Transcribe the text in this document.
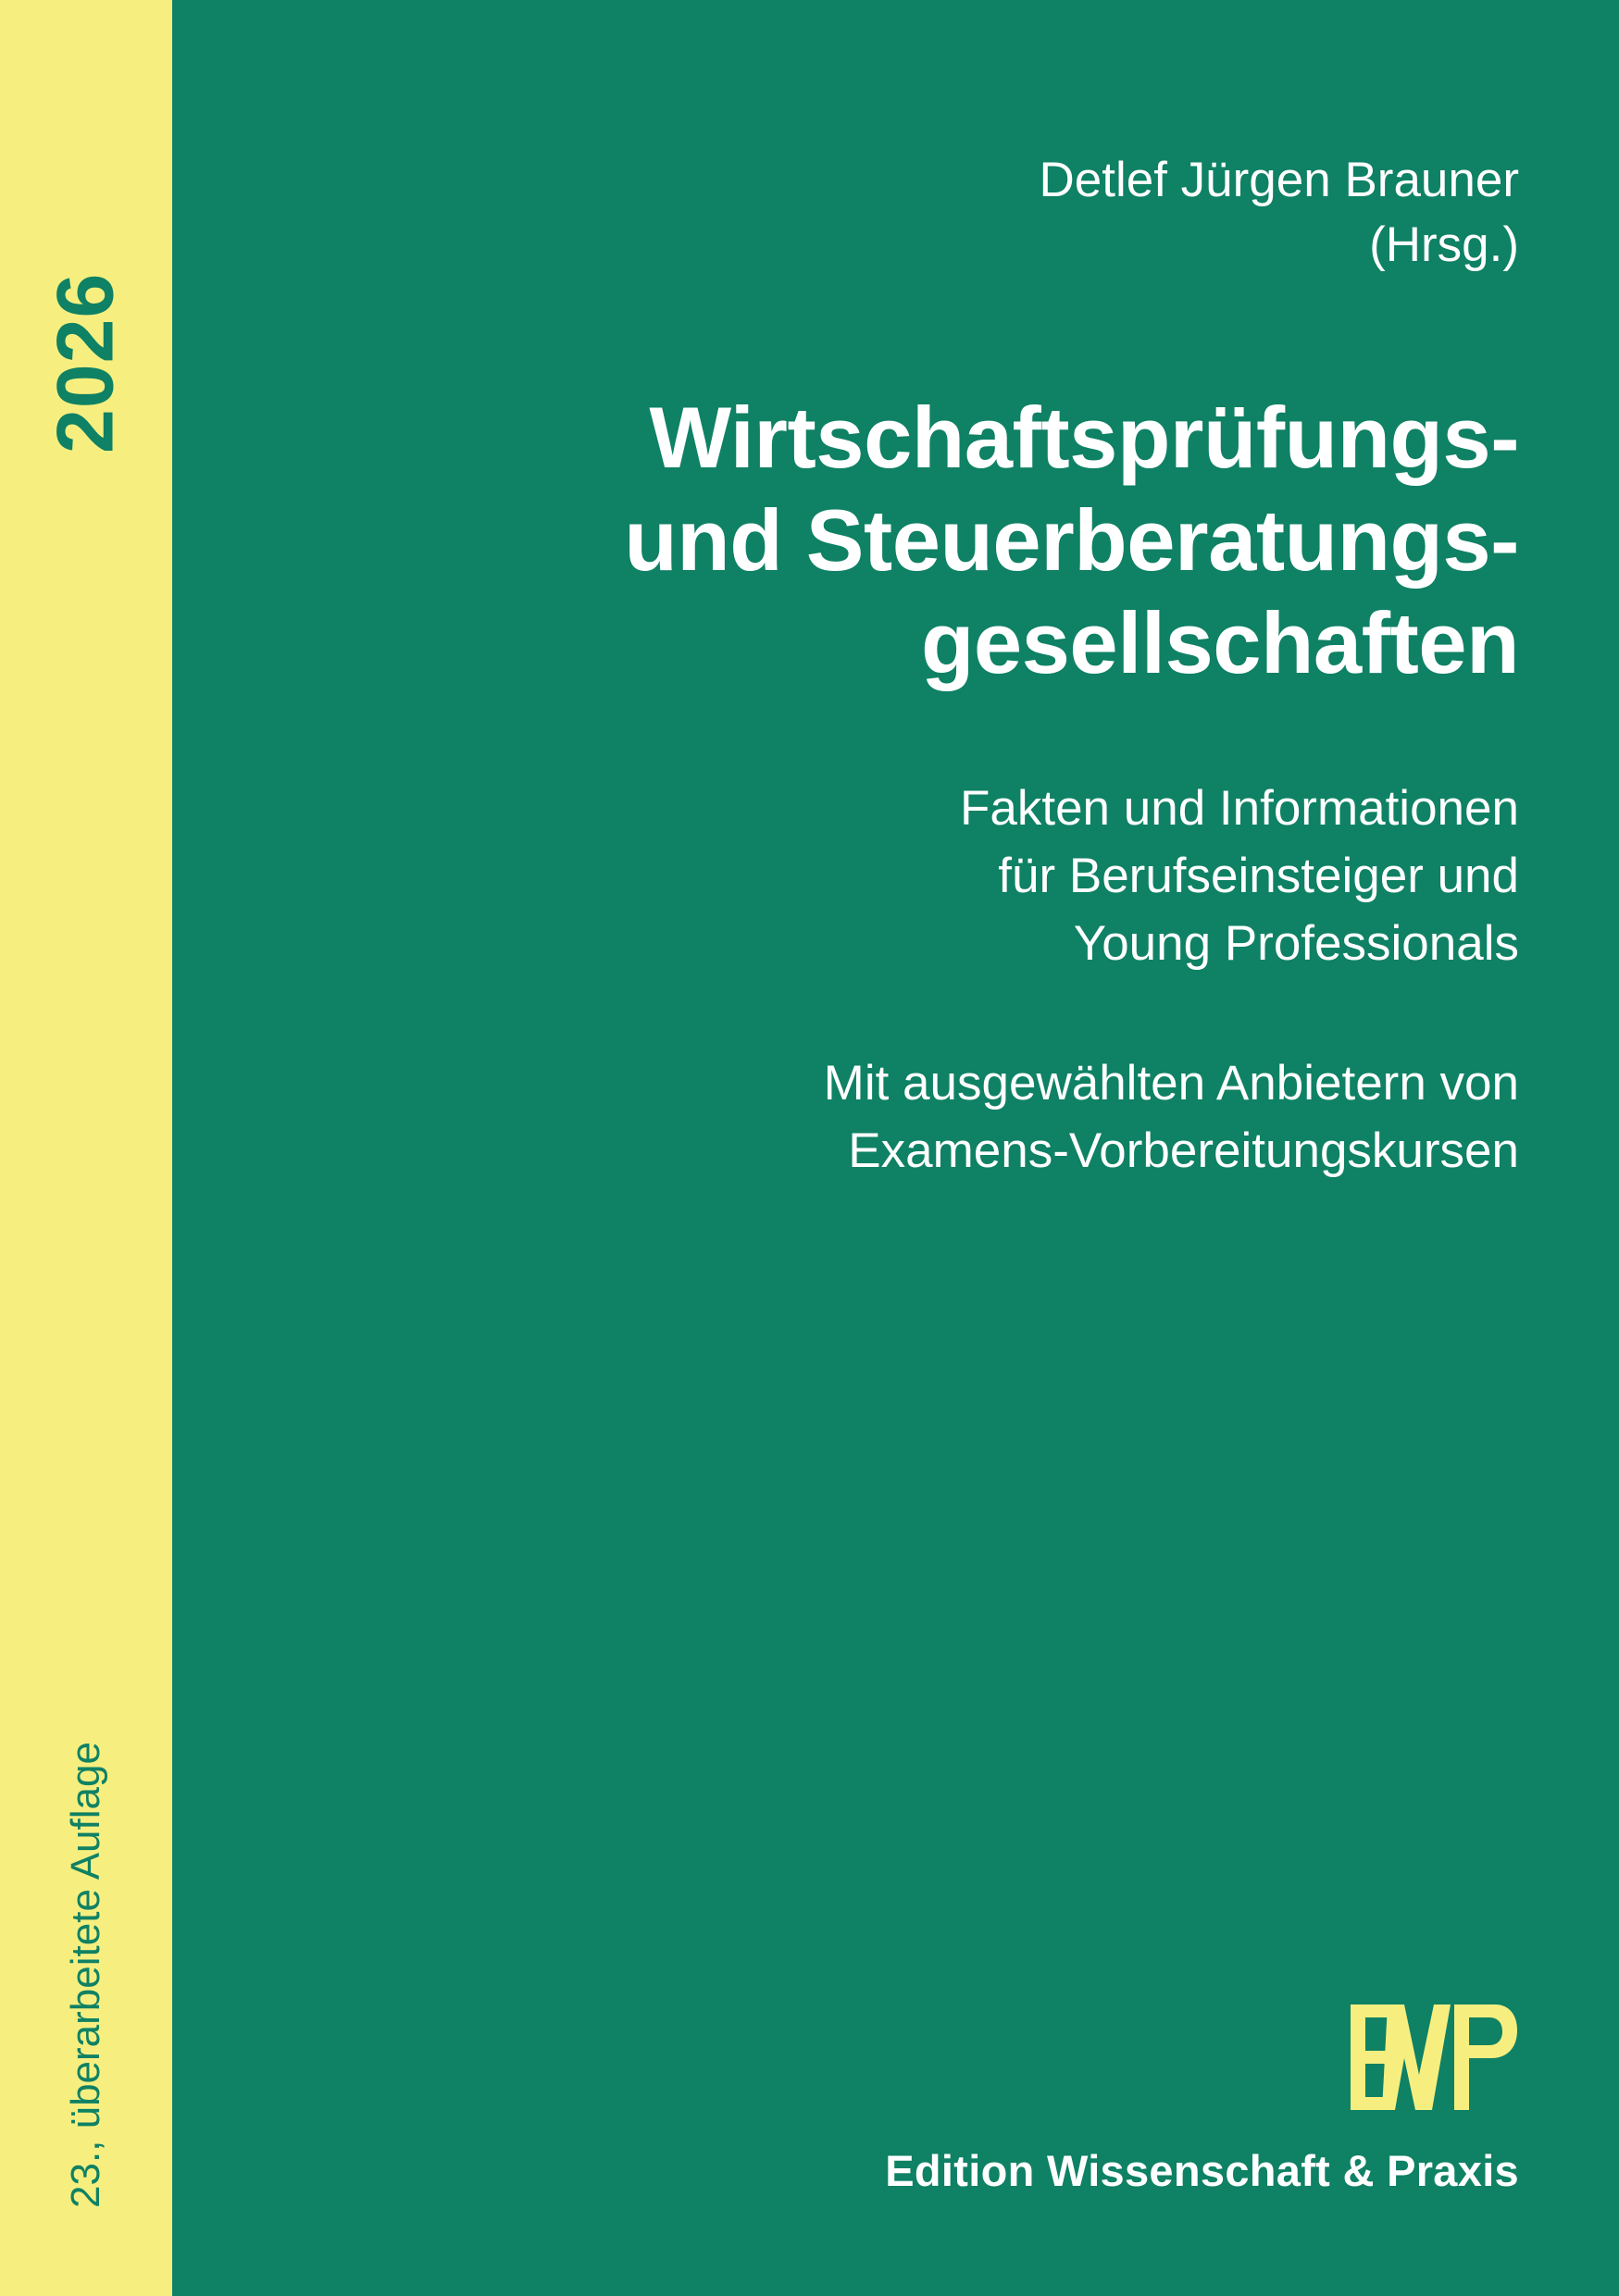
2026
23., überarbeitete Auflage
Detlef Jürgen Brauner
(Hrsg.)
Wirtschaftsprüfungs-
und Steuerberatungs-
gesellschaften
Fakten und Informationen
für Berufseinsteiger und
Young Professionals
Mit ausgewählten Anbietern von
Examens-Vorbereitungskursen
Edition Wissenschaft & Praxis
